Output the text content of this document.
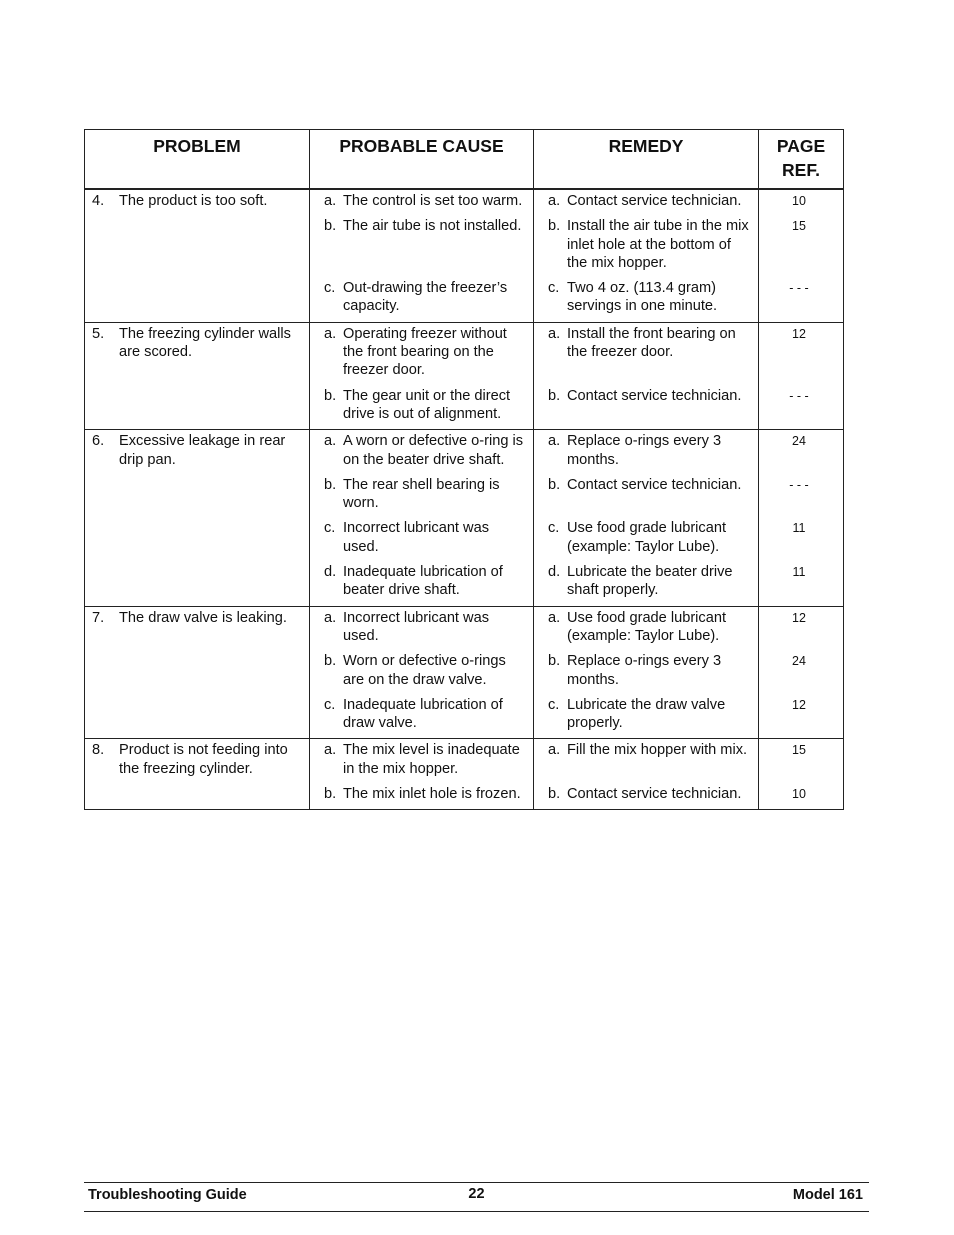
PROBLEM	PROBABLE CAUSE	REMEDY	PAGE REF.

4. The product is too soft.	a. The control is set too warm.	a. Contact service technician.	10

	b. The air tube is not installed.	b. Install the air tube in the mix inlet hole at the bottom of the mix hopper.	15

	c. Out-drawing the freezer’s capacity.	c. Two 4 oz. (113.4 gram) servings in one minute.	- - -

5. The freezing cylinder walls are scored.	a. Operating freezer without the front bearing on the freezer door.	a. Install the front bearing on the freezer door.	12

	b. The gear unit or the direct drive is out of alignment.	b. Contact service technician.	- - -

6. Excessive leakage in rear drip pan.	a. A worn or defective o-ring is on the beater drive shaft.	a. Replace o-rings every 3 months.	24

	b. The rear shell bearing is worn.	b. Contact service technician.	- - -

	c. Incorrect lubricant was used.	c. Use food grade lubricant (example: Taylor Lube).	11

	d. Inadequate lubrication of beater drive shaft.	d. Lubricate the beater drive shaft properly.	11

7. The draw valve is leaking.	a. Incorrect lubricant was used.	a. Use food grade lubricant (example: Taylor Lube).	12

	b. Worn or defective o-rings are on the draw valve.	b. Replace o-rings every 3 months.	24

	c. Inadequate lubrication of draw valve.	c. Lubricate the draw valve properly.	12

8. Product is not feeding into the freezing cylinder.	a. The mix level is inadequate in the mix hopper.	a. Fill the mix hopper with mix.	15

	b. The mix inlet hole is frozen.	b. Contact service technician.	10
Troubleshooting Guide	22	Model 161
